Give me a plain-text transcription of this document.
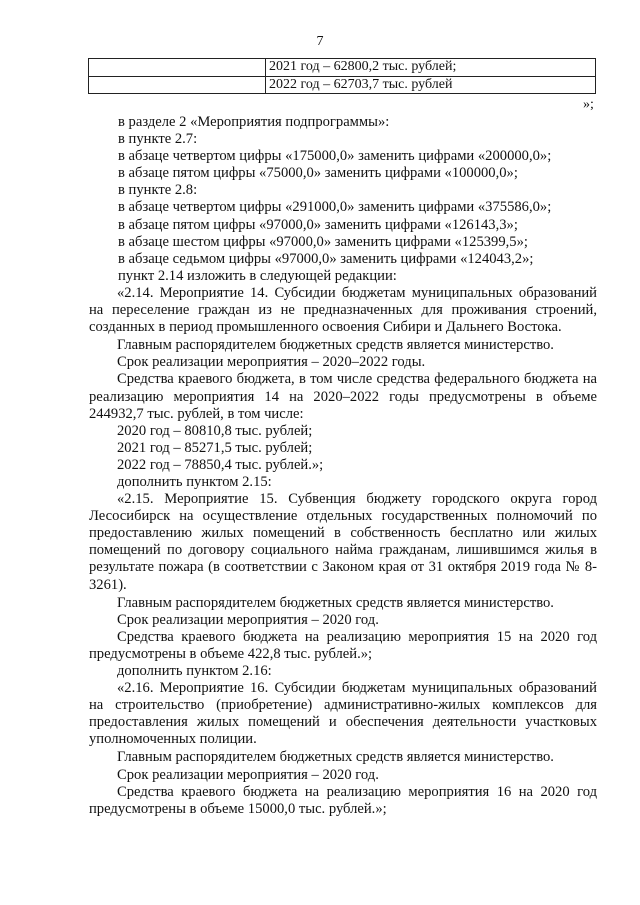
7
	2021 год – 62800,2 тыс. рублей;
	2022 год – 62703,7 тыс. рублей
»;

в разделе 2 «Мероприятия подпрограммы»:

в пункте 2.7:

в абзаце четвертом цифры «175000,0» заменить цифрами «200000,0»;

в абзаце пятом цифры «75000,0» заменить цифрами «100000,0»;

в пункте 2.8:

в абзаце четвертом цифры «291000,0» заменить цифрами «375586,0»;

в абзаце пятом цифры «97000,0» заменить цифрами «126143,3»;

в абзаце шестом цифры «97000,0» заменить цифрами «125399,5»;

в абзаце седьмом цифры «97000,0» заменить цифрами «124043,2»;

пункт 2.14 изложить в следующей редакции:

«2.14. Мероприятие 14. Субсидии бюджетам муниципальных образований на переселение граждан из не предназначенных для проживания строений, созданных в период промышленного освоения Сибири и Дальнего Востока.

Главным распорядителем бюджетных средств является министерство.

Срок реализации мероприятия – 2020–2022 годы.

Средства краевого бюджета, в том числе средства федерального бюджета на реализацию мероприятия 14 на 2020–2022 годы предусмотрены в объеме 244932,7 тыс. рублей, в том числе:

2020 год – 80810,8 тыс. рублей;

2021 год – 85271,5 тыс. рублей;

2022 год – 78850,4 тыс. рублей.»;

дополнить пунктом 2.15:

«2.15. Мероприятие 15. Субвенция бюджету городского округа город Лесосибирск на осуществление отдельных государственных полномочий по предоставлению жилых помещений в собственность бесплатно или жилых помещений по договору социального найма гражданам, лишившимся жилья в результате пожара (в соответствии с Законом края от 31 октября 2019 года № 8-3261).

Главным распорядителем бюджетных средств является министерство.

Срок реализации мероприятия – 2020 год.

Средства краевого бюджета на реализацию мероприятия 15 на 2020 год предусмотрены в объеме 422,8 тыс. рублей.»;

дополнить пунктом 2.16:

«2.16. Мероприятие 16. Субсидии бюджетам муниципальных образований на строительство (приобретение) административно-жилых комплексов для предоставления жилых помещений и обеспечения деятельности участковых уполномоченных полиции.

Главным распорядителем бюджетных средств является министерство.

Срок реализации мероприятия – 2020 год.

Средства краевого бюджета на реализацию мероприятия 16 на 2020 год предусмотрены в объеме 15000,0 тыс. рублей.»;
